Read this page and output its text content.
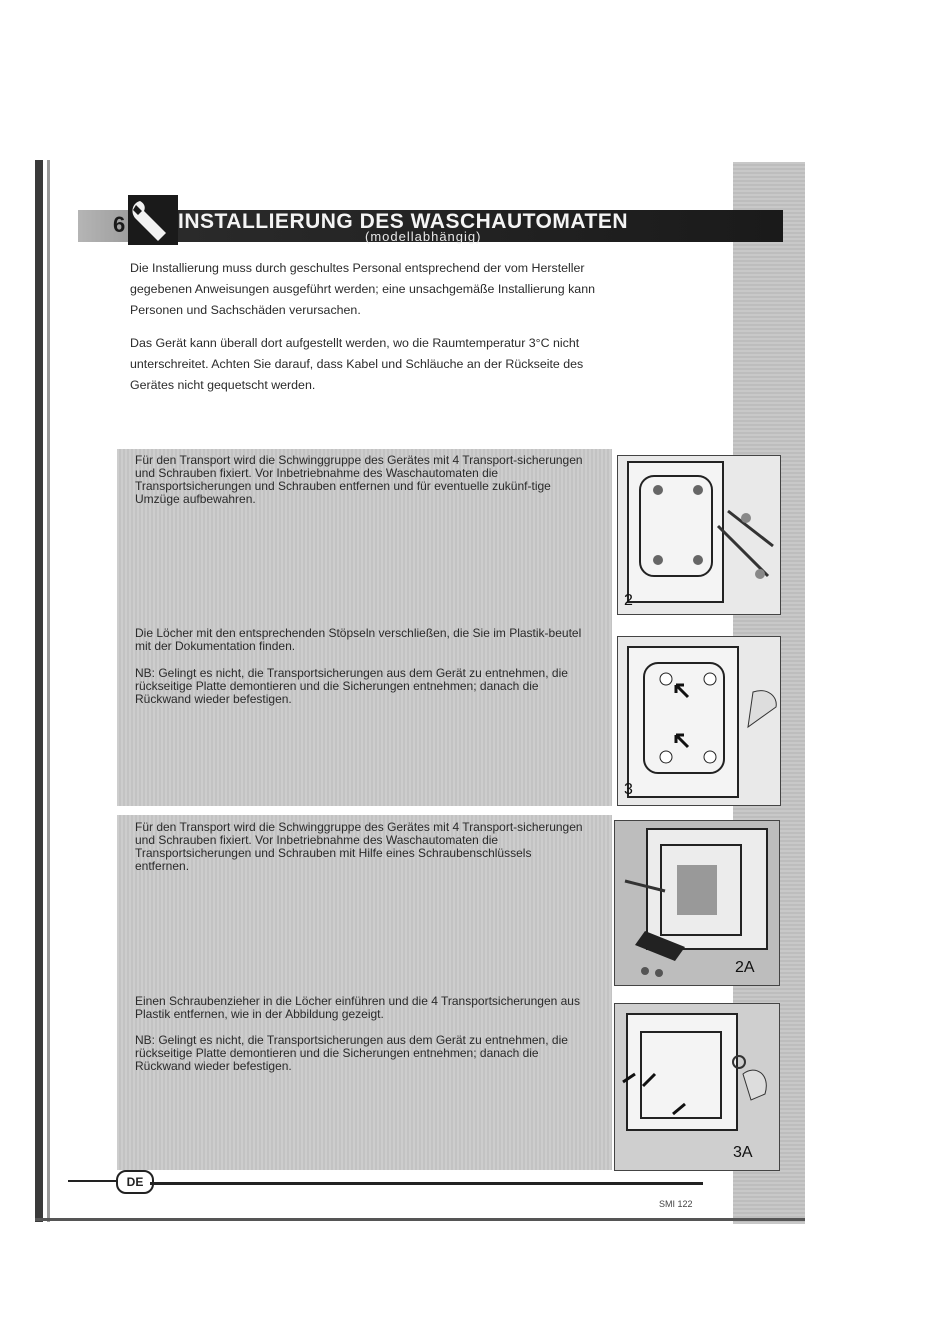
6	INSTALLIERUNG DES WASCHAUTOMATEN
(modellabhängig)
Die Installierung muss durch geschultes Personal entsprechend der vom Hersteller gegebenen Anweisungen ausgeführt werden; eine unsachgemäße Installierung kann Personen und Sachschäden verursachen.
Das Gerät kann überall dort aufgestellt werden, wo die Raumtemperatur 3°C nicht unterschreitet. Achten Sie darauf, dass Kabel und Schläuche an der Rückseite des Gerätes nicht gequetscht werden.

Für den Transport wird die Schwinggruppe des Gerätes mit 4 Transport-sicherungen und Schrauben fixiert. Vor Inbetriebnahme des Waschautomaten die Transportsicherungen und Schrauben entfernen und für eventuelle zukünf-tige Umzüge aufbewahren.

Die Löcher mit den entsprechenden Stöpseln verschließen, die Sie im Plastik-beutel mit der Dokumentation finden.

NB: Gelingt es nicht, die Transportsicherungen aus dem Gerät zu entnehmen, die rückseitige Platte demontieren und die Sicherungen entnehmen; danach die Rückwand wieder befestigen.

2
3

Für den Transport wird die Schwinggruppe des Gerätes mit 4 Transport-sicherungen und Schrauben fixiert. Vor Inbetriebnahme des Waschautomaten die Transportsicherungen und Schrauben mit Hilfe eines Schraubenschlüssels entfernen.

Einen Schraubenzieher in die Löcher einführen und die 4 Transportsicherungen aus Plastik entfernen, wie in der Abbildung gezeigt.

NB: Gelingt es nicht, die Transportsicherungen aus dem Gerät zu entnehmen, die rückseitige Platte demontieren und die Sicherungen entnehmen; danach die Rückwand wieder befestigen.

2A
3A
DE
SMI 122
